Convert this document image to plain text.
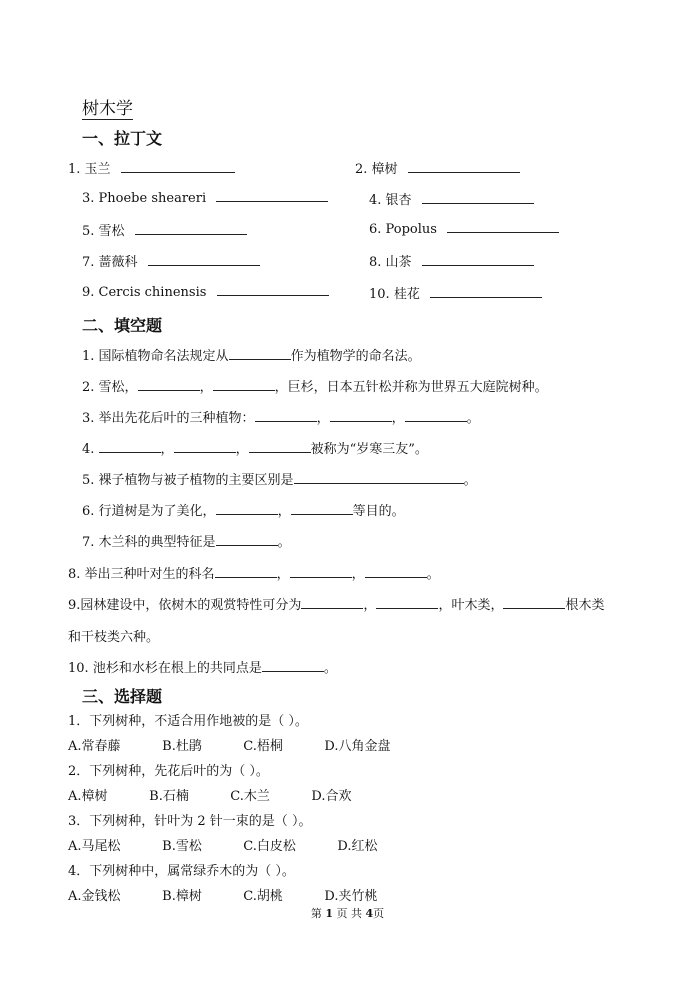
树木学
一、拉丁文
1. 玉兰	2. 樟树
3. Phoebe sheareri	4. 银杏
5. 雪松	6. Popolus
7. 蔷薇科	8. 山茶
9. Cercis chinensis	10. 桂花
二、填空题
1. 国际植物命名法规定从	作为植物学的命名法。
2. 雪松，	，	，巨杉，日本五针松并称为世界五大庭院树种。
3. 举出先花后叶的三种植物：	，	，	。
4.	，	，	被称为“岁寒三友”。
5. 裸子植物与被子植物的主要区别是	。
6. 行道树是为了美化，	，	等目的。
7. 木兰科的典型特征是	。
8. 举出三种叶对生的科名	，	，	。
9.园林建设中，依树木的观赏特性可分为	，	，叶木类，	根木类
和干枝类六种。
10. 池杉和水杉在根上的共同点是	。
三、选择题
1．下列树种，不适合用作地被的是（ ）。
A.常春藤	B.杜鹃	C.梧桐	D.八角金盘
2．下列树种，先花后叶的为（ ）。
A.樟树	B.石楠	C.木兰	D.合欢
3．下列树种，针叶为 2 针一束的是（ ）。
A.马尾松	B.雪松	C.白皮松	D.红松
4．下列树种中，属常绿乔木的为（ ）。
A.金钱松	B.樟树	C.胡桃	D.夹竹桃
第 1 页 共 4页
